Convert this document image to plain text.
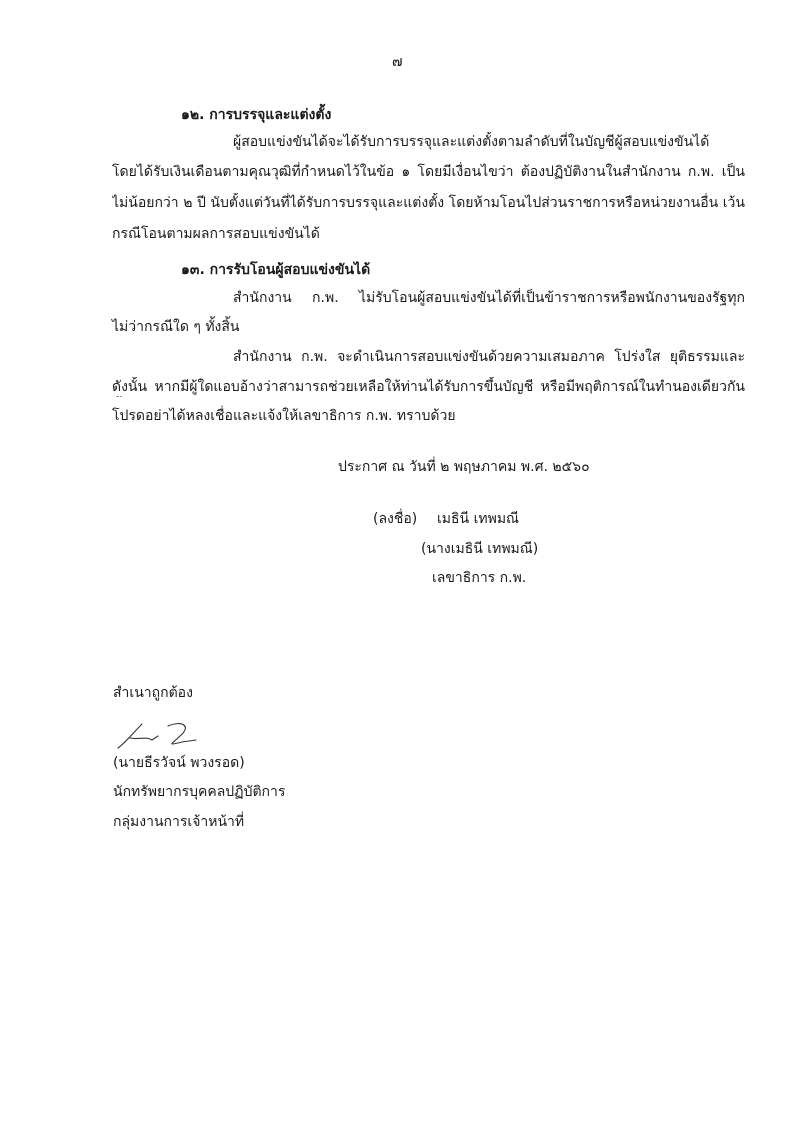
๗
๑๒. การบรรจุและแต่งตั้ง
ผู้สอบแข่งขันได้จะได้รับการบรรจุและแต่งตั้งตามลำดับที่ในบัญชีผู้สอบแข่งขันได้
โดยได้รับเงินเดือนตามคุณวุฒิที่กำหนดไว้ในข้อ ๑ โดยมีเงื่อนไขว่า ต้องปฏิบัติงานในสำนักงาน ก.พ. เป็น
ไม่น้อยกว่า ๒ ปี นับตั้งแต่วันที่ได้รับการบรรจุและแต่งตั้ง โดยห้ามโอนไปส่วนราชการหรือหน่วยงานอื่น เว้น
กรณีโอนตามผลการสอบแข่งขันได้
๑๓. การรับโอนผู้สอบแข่งขันได้
สำนักงาน ก.พ. ไม่รับโอนผู้สอบแข่งขันได้ที่เป็นข้าราชการหรือพนักงานของรัฐทุก
ไม่ว่ากรณีใด ๆ ทั้งสิ้น
สำนักงาน ก.พ. จะดำเนินการสอบแข่งขันด้วยความเสมอภาค โปร่งใส ยุติธรรมและ
ดังนั้น หากมีผู้ใดแอบอ้างว่าสามารถช่วยเหลือให้ท่านได้รับการขึ้นบัญชี หรือมีพฤติการณ์ในทำนองเดียวกัน
โปรดอย่าได้หลงเชื่อและแจ้งให้เลขาธิการ ก.พ. ทราบด้วย
ประกาศ ณ วันที่ ๒ พฤษภาคม พ.ศ. ๒๕๖๐
(ลงชื่อ) เมธินี เทพมณี
(นางเมธินี เทพมณี)
เลขาธิการ ก.พ.
สำเนาถูกต้อง
(นายธีรวัจน์ พวงรอด)
นักทรัพยากรบุคคลปฏิบัติการ
กลุ่มงานการเจ้าหน้าที่
